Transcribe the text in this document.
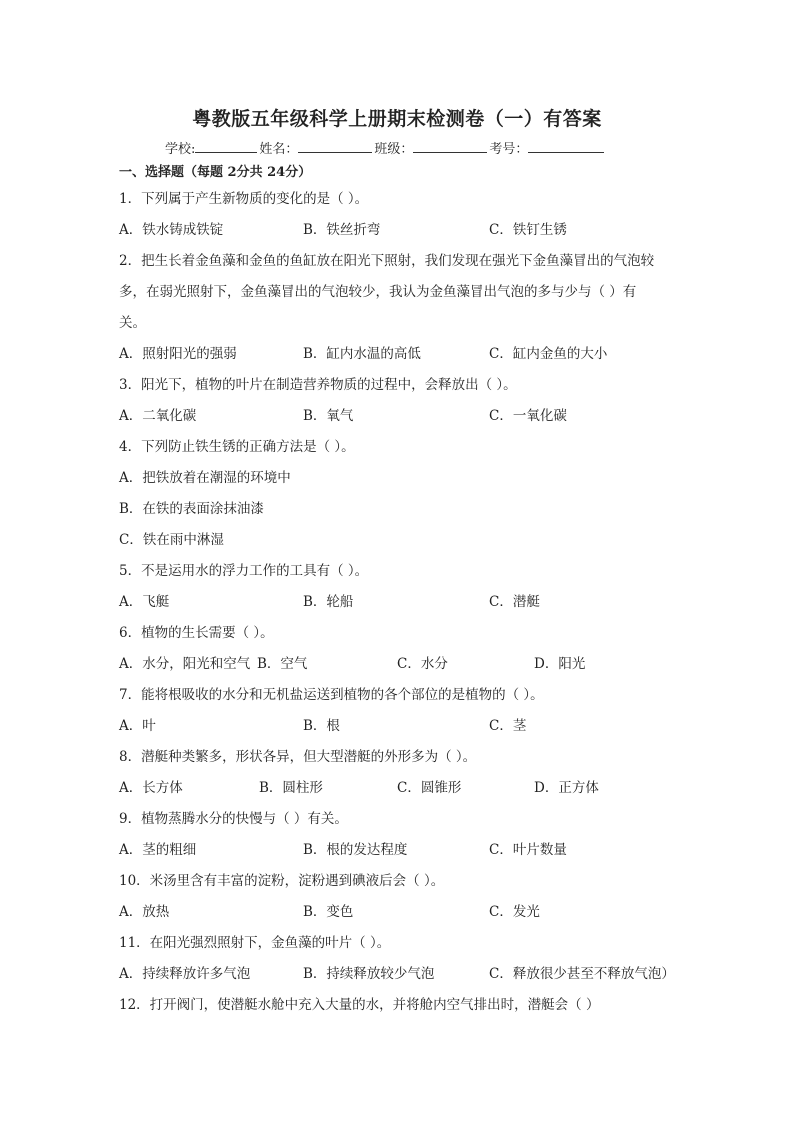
粤教版五年级科学上册期末检测卷（一）有答案
学校:	姓名：	班级：	考号：
一、选择题（每题 2分共 24分）
1．下列属于产生新物质的变化的是（ ）。
A．铁水铸成铁锭	B．铁丝折弯	C．铁钉生锈
2．把生长着金鱼藻和金鱼的鱼缸放在阳光下照射，我们发现在强光下金鱼藻冒出的气泡较
多，在弱光照射下，金鱼藻冒出的气泡较少，我认为金鱼藻冒出气泡的多与少与（ ）有
关。
A．照射阳光的强弱	B．缸内水温的高低	C．缸内金鱼的大小
3．阳光下，植物的叶片在制造营养物质的过程中，会释放出（ ）。
A．二氧化碳	B．氧气	C．一氧化碳
4．下列防止铁生锈的正确方法是（ ）。
A．把铁放着在潮湿的环境中
B．在铁的表面涂抹油漆
C．铁在雨中淋湿
5．不是运用水的浮力工作的工具有（ ）。
A．飞艇	B．轮船	C．潜艇
6．植物的生长需要（ ）。
A．水分，阳光和空气 B．空气	C．水分	D．阳光
7．能将根吸收的水分和无机盐运送到植物的各个部位的是植物的（ ）。
A．叶	B．根	C．茎
8．潜艇种类繁多，形状各异，但大型潜艇的外形多为（ ）。
A．长方体	B．圆柱形	C．圆锥形	D．正方体
9．植物蒸腾水分的快慢与（ ）有关。
A．茎的粗细	B．根的发达程度	C．叶片数量
10．米汤里含有丰富的淀粉，淀粉遇到碘液后会（ ）。
A．放热	B．变色	C．发光
11．在阳光强烈照射下，金鱼藻的叶片（ ）。
A．持续释放许多气泡	B．持续释放较少气泡	C．释放很少甚至不释放气泡）
12．打开阀门，使潜艇水舱中充入大量的水，并将舱内空气排出时，潜艇会（ ）
